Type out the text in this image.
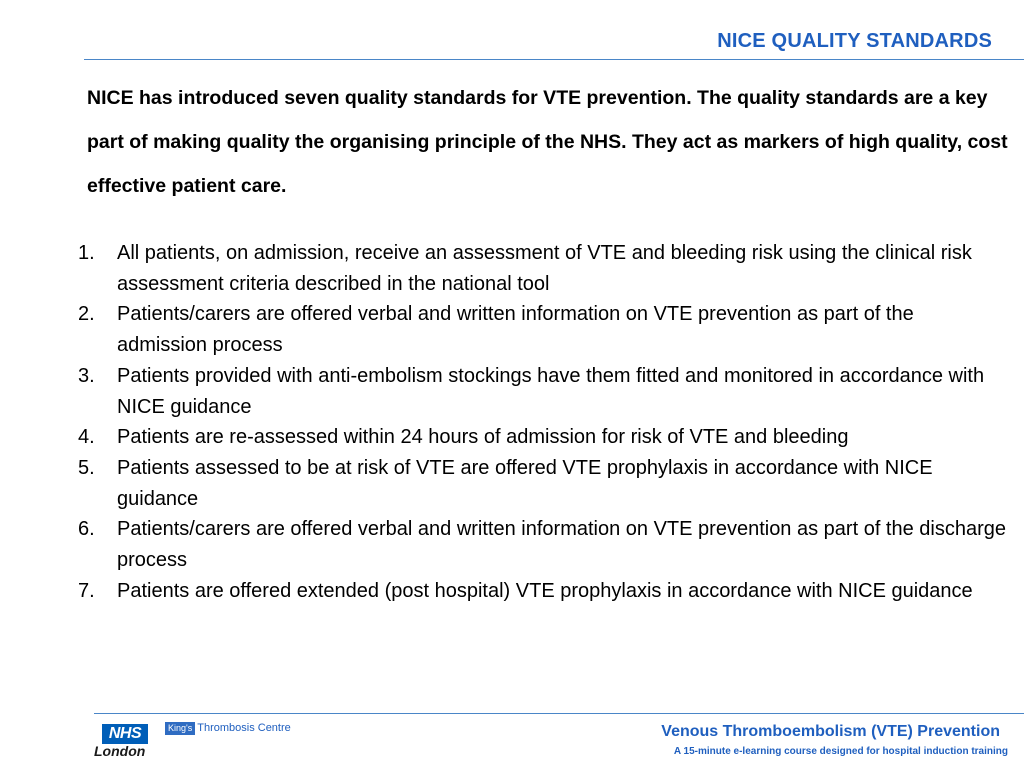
NICE QUALITY STANDARDS

NICE has introduced seven quality standards for VTE prevention. The quality standards are a key part of making quality the organising principle of the NHS. They act as markers of high quality, cost effective patient care.

1. All patients, on admission, receive an assessment of VTE and bleeding risk using the clinical risk assessment criteria described in the national tool
2. Patients/carers are offered verbal and written information on VTE prevention as part of the admission process
3. Patients provided with anti-embolism stockings have them fitted and monitored in accordance with NICE guidance
4. Patients are re-assessed within 24 hours of admission for risk of VTE and bleeding
5. Patients assessed to be at risk of VTE are offered VTE prophylaxis in accordance with NICE guidance
6. Patients/carers are offered verbal and written information on VTE prevention as part of the discharge process
7. Patients are offered extended (post hospital) VTE prophylaxis in accordance with NICE guidance
NHS
London
King's Thrombosis Centre	Venous Thromboembolism (VTE) Prevention
A 15-minute e-learning course designed for hospital induction training
